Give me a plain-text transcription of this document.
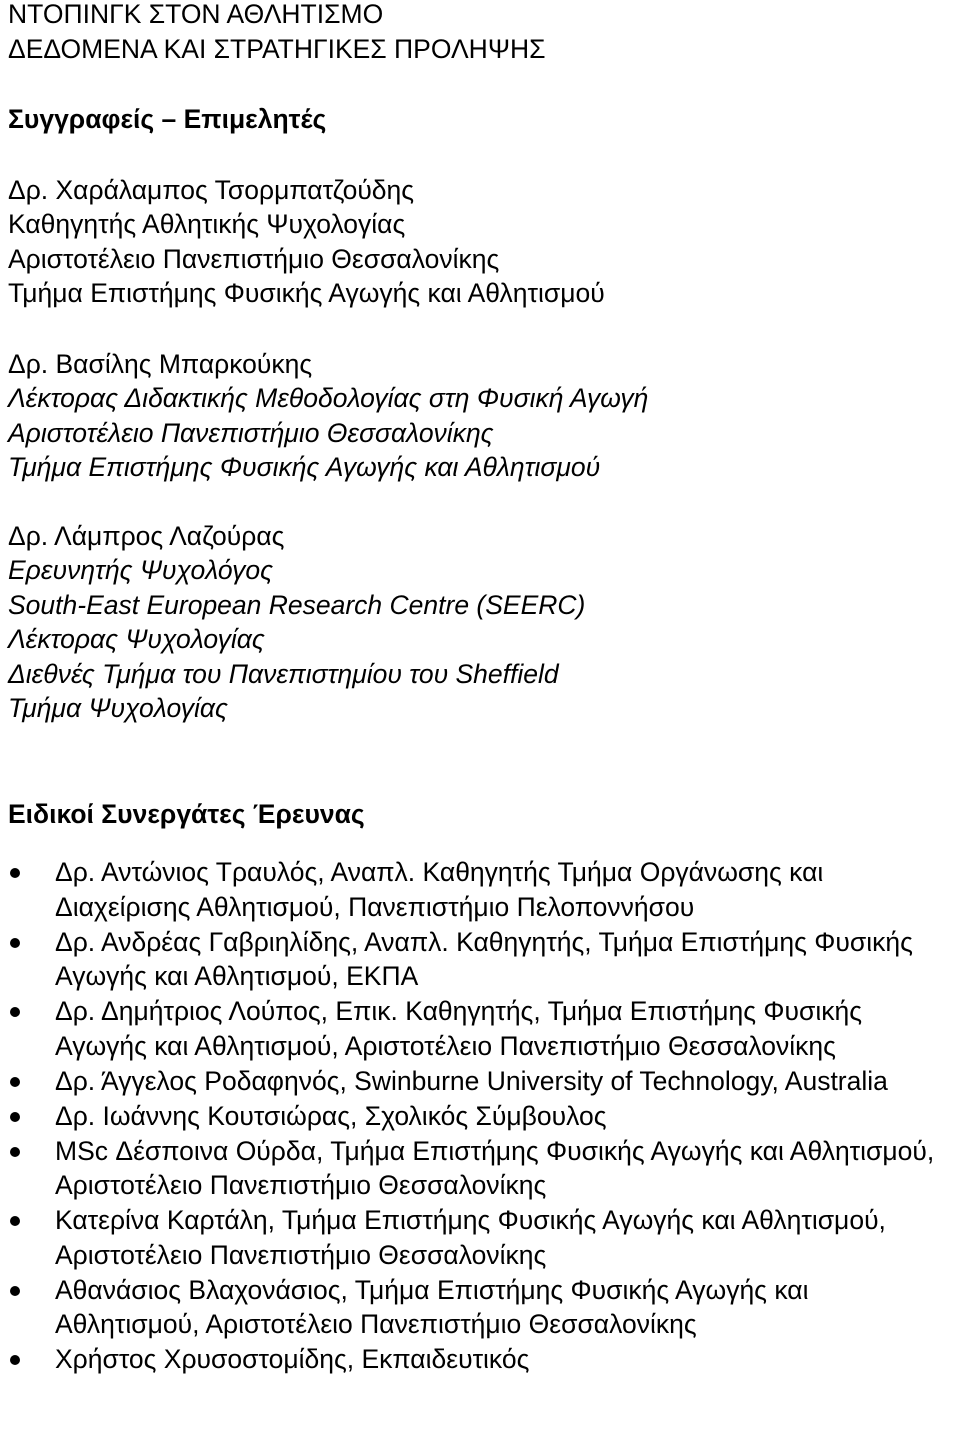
ΝΤΟΠΙΝΓΚ ΣΤΟΝ ΑΘΛΗΤΙΣΜΟ
ΔΕΔΟΜΕΝΑ ΚΑΙ ΣΤΡΑΤΗΓΙΚΕΣ ΠΡΟΛΗΨΗΣ
Συγγραφείς – Επιμελητές
Δρ. Χαράλαμπος Τσορμπατζούδης
Καθηγητής Αθλητικής Ψυχολογίας
Αριστοτέλειο Πανεπιστήμιο Θεσσαλονίκης
Τμήμα Επιστήμης Φυσικής Αγωγής και Αθλητισμού
Δρ. Βασίλης Μπαρκούκης
Λέκτορας Διδακτικής Μεθοδολογίας στη Φυσική Αγωγή
Αριστοτέλειο Πανεπιστήμιο Θεσσαλονίκης
Τμήμα Επιστήμης Φυσικής Αγωγής και Αθλητισμού
Δρ. Λάμπρος Λαζούρας
Ερευνητής Ψυχολόγος
South-East European Research Centre (SEERC)
Λέκτορας Ψυχολογίας
Διεθνές Τμήμα του Πανεπιστημίου του Sheffield
Τμήμα Ψυχολογίας
Ειδικοί Συνεργάτες Έρευνας
Δρ. Αντώνιος Τραυλός, Αναπλ. Καθηγητής Τμήμα Οργάνωσης και Διαχείρισης Αθλητισμού, Πανεπιστήμιο Πελοποννήσου
Δρ. Ανδρέας Γαβριηλίδης, Αναπλ. Καθηγητής, Τμήμα Επιστήμης Φυσικής Αγωγής και Αθλητισμού, ΕΚΠΑ
Δρ. Δημήτριος Λούπος, Επικ. Καθηγητής, Τμήμα Επιστήμης Φυσικής Αγωγής και Αθλητισμού, Αριστοτέλειο Πανεπιστήμιο Θεσσαλονίκης
Δρ. Άγγελος Ροδαφηνός, Swinburne University of Technology, Australia
Δρ. Ιωάννης Κουτσιώρας, Σχολικός Σύμβουλος
MSc Δέσποινα Ούρδα, Τμήμα Επιστήμης Φυσικής Αγωγής και Αθλητισμού, Αριστοτέλειο Πανεπιστήμιο Θεσσαλονίκης
Κατερίνα Καρτάλη, Τμήμα Επιστήμης Φυσικής Αγωγής και Αθλητισμού, Αριστοτέλειο Πανεπιστήμιο Θεσσαλονίκης
Αθανάσιος Βλαχονάσιος, Τμήμα Επιστήμης Φυσικής Αγωγής και Αθλητισμού, Αριστοτέλειο Πανεπιστήμιο Θεσσαλονίκης
Χρήστος Χρυσοστομίδης, Εκπαιδευτικός
